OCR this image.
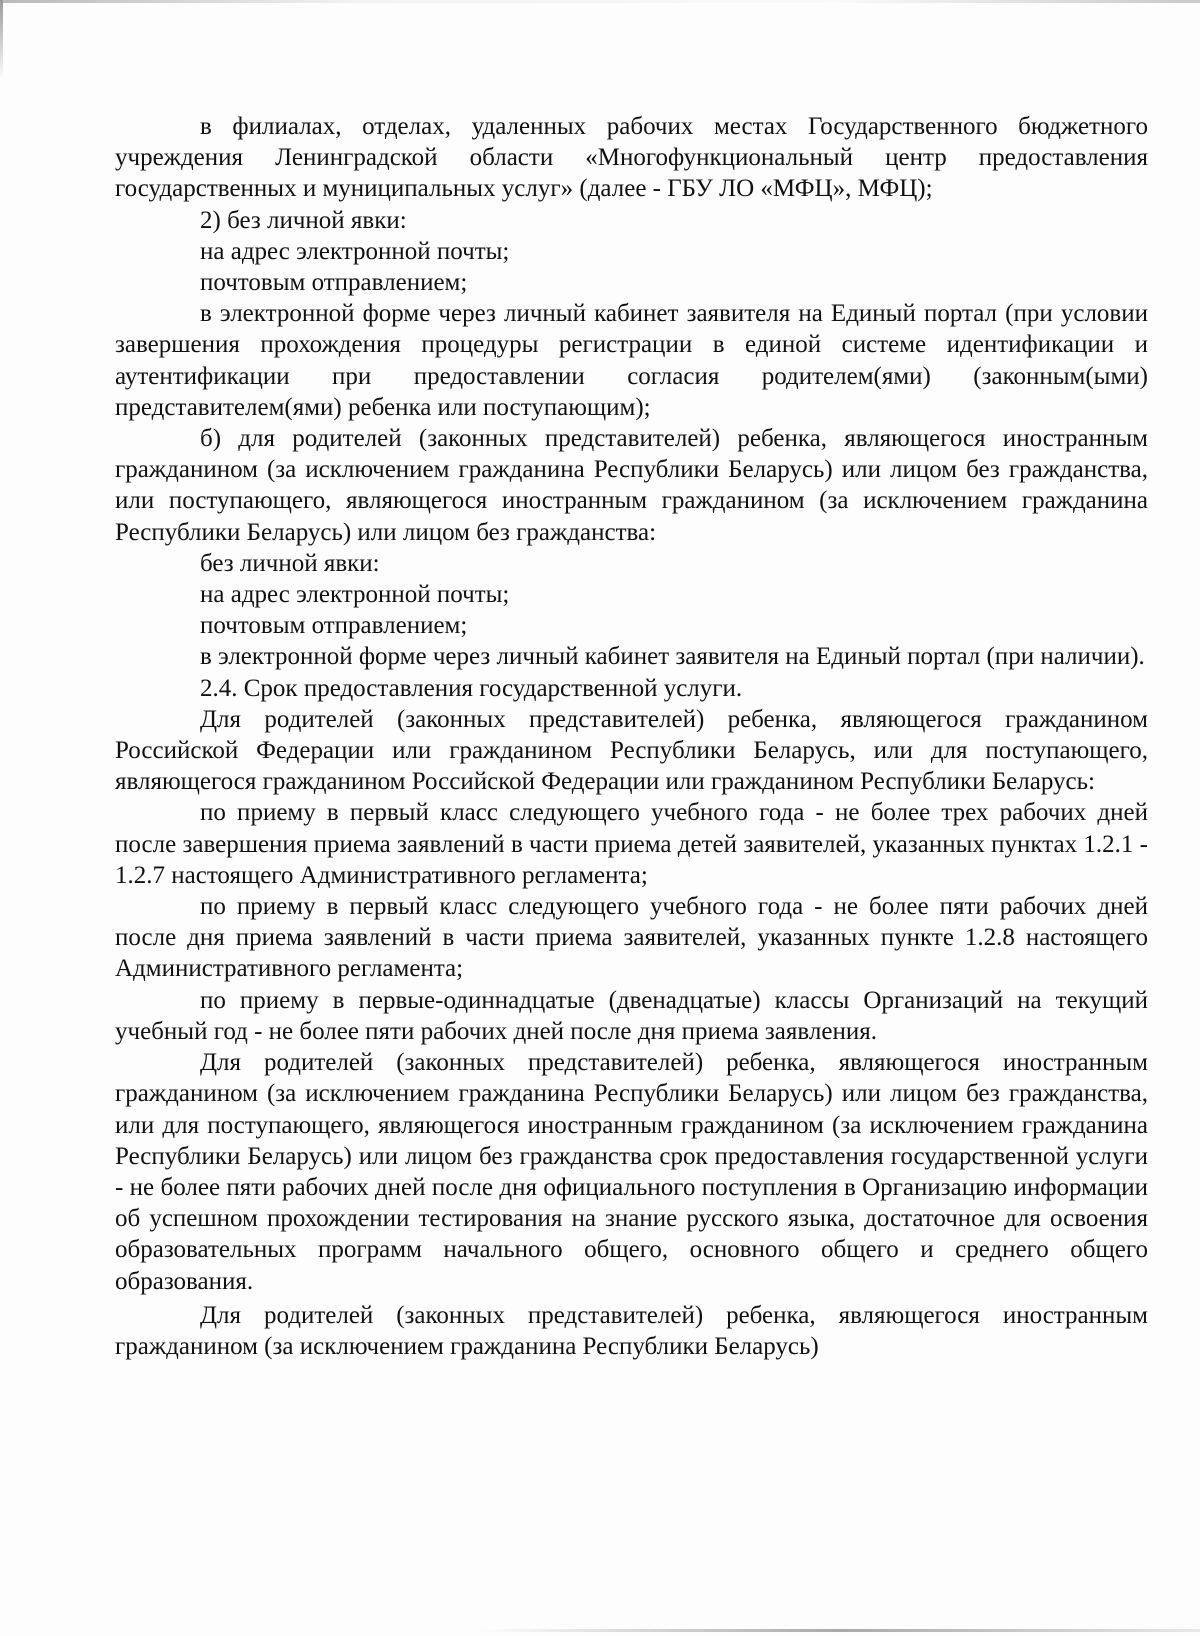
в филиалах, отделах, удаленных рабочих местах Государственного бюджетного учреждения Ленинградской области «Многофункциональный центр предоставления государственных и муниципальных услуг» (далее - ГБУ ЛО «МФЦ», МФЦ);

2) без личной явки:

на адрес электронной почты;

почтовым отправлением;

в электронной форме через личный кабинет заявителя на Единый портал (при условии завершения прохождения процедуры регистрации в единой системе идентификации и аутентификации при предоставлении согласия родителем(ями) (законным(ыми) представителем(ями) ребенка или поступающим);

б) для родителей (законных представителей) ребенка, являющегося иностранным гражданином (за исключением гражданина Республики Беларусь) или лицом без гражданства, или поступающего, являющегося иностранным гражданином (за исключением гражданина Республики Беларусь) или лицом без гражданства:

без личной явки:

на адрес электронной почты;

почтовым отправлением;

в электронной форме через личный кабинет заявителя на Единый портал (при наличии).

2.4. Срок предоставления государственной услуги.

Для родителей (законных представителей) ребенка, являющегося гражданином Российской Федерации или гражданином Республики Беларусь, или для поступающего, являющегося гражданином Российской Федерации или гражданином Республики Беларусь:

по приему в первый класс следующего учебного года - не более трех рабочих дней после завершения приема заявлений в части приема детей заявителей, указанных пунктах 1.2.1 - 1.2.7 настоящего Административного регламента;

по приему в первый класс следующего учебного года - не более пяти рабочих дней после дня приема заявлений в части приема заявителей, указанных пункте 1.2.8 настоящего Административного регламента;

по приему в первые-одиннадцатые (двенадцатые) классы Организаций на текущий учебный год - не более пяти рабочих дней после дня приема заявления.

Для родителей (законных представителей) ребенка, являющегося иностранным гражданином (за исключением гражданина Республики Беларусь) или лицом без гражданства, или для поступающего, являющегося иностранным гражданином (за исключением гражданина Республики Беларусь) или лицом без гражданства срок предоставления государственной услуги - не более пяти рабочих дней после дня официального поступления в Организацию информации об успешном прохождении тестирования на знание русского языка, достаточное для освоения образовательных программ начального общего, основного общего и среднего общего образования.

Для родителей (законных представителей) ребенка, являющегося иностранным гражданином (за исключением гражданина Республики Беларусь)
